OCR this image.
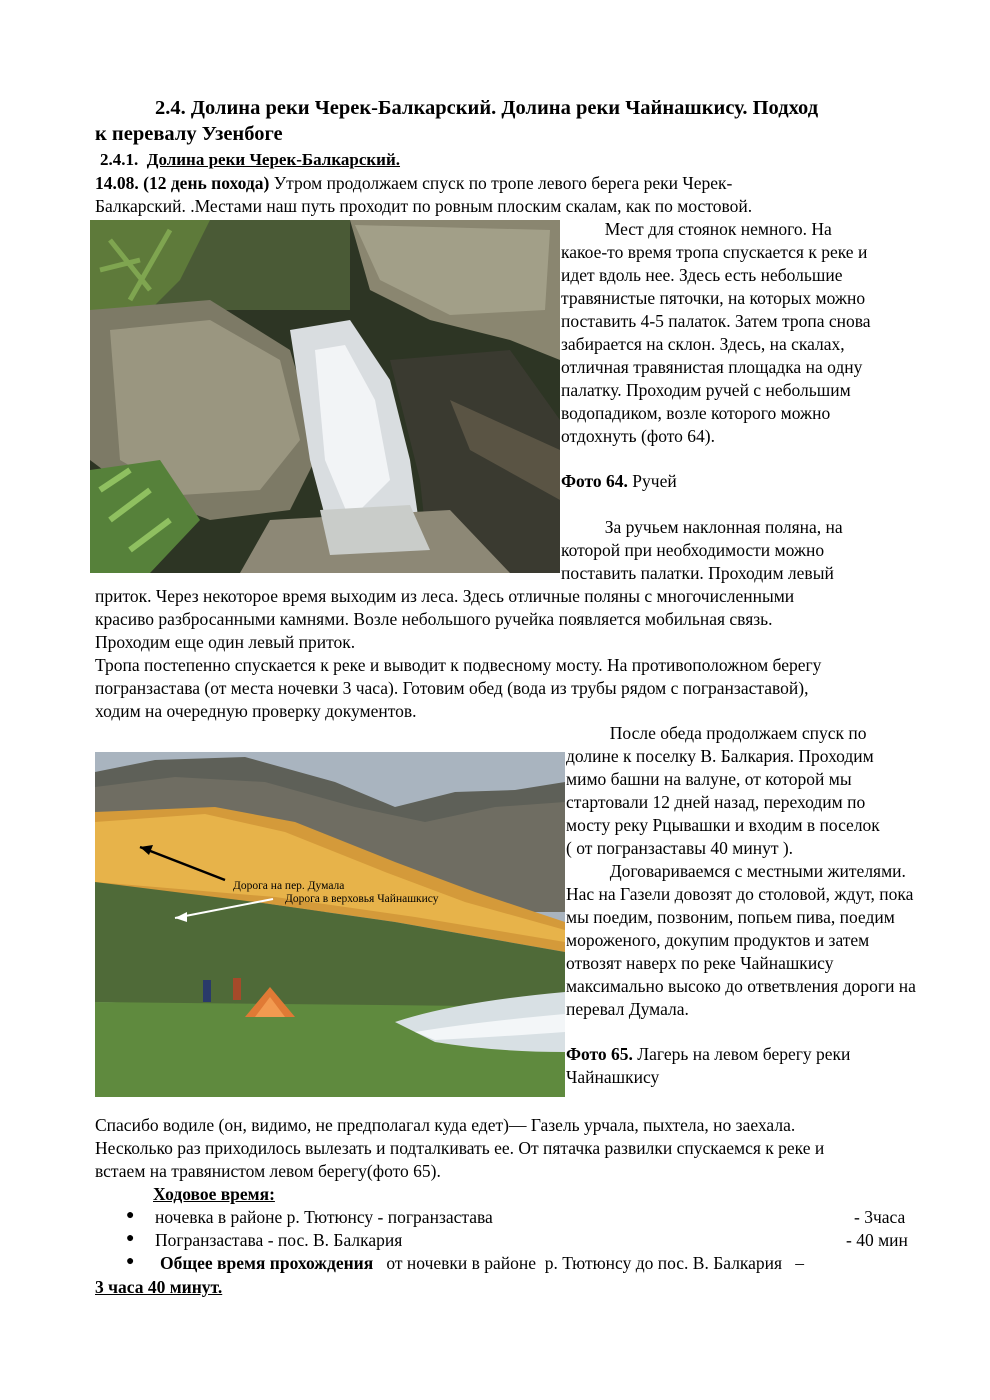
2.4. Долина реки Черек-Балкарский. Долина реки Чайнашкису. Подход
к перевалу Узенбоге
2.4.1. Долина реки Черек-Балкарский.
14.08. (12 день похода) Утром продолжаем спуск по тропе левого берега реки Черек-
Балкарский. .Местами наш путь проходит по ровным плоским скалам, как по мостовой.
Мест для стоянок немного. На
какое-то время тропа спускается к реке и
идет вдоль нее. Здесь есть небольшие
травянистые пяточки, на которых можно
поставить 4-5 палаток. Затем тропа снова
забирается на склон. Здесь, на скалах,
отличная травянистая площадка на одну
палатку. Проходим ручей с небольшим
водопадиком, возле которого можно
отдохнуть (фото 64).
Фото 64. Ручей
За ручьем наклонная поляна, на
которой при необходимости можно
поставить палатки. Проходим левый
приток. Через некоторое время выходим из леса. Здесь отличные поляны с многочисленными
красиво разбросанными камнями. Возле небольшого ручейка появляется мобильная связь.
Проходим еще один левый приток.
Тропа постепенно спускается к реке и выводит к подвесному мосту. На противоположном берегу
погранзастава (от места ночевки 3 часа). Готовим обед (вода из трубы рядом с погранзаставой),
ходим на очередную проверку документов.
Дорога на пер. Думала
Дорога в верховья Чайнашкису
После обеда продолжаем спуск по
долине к поселку В. Балкария. Проходим
мимо башни на валуне, от которой мы
стартовали 12 дней назад, переходим по
мосту реку Рцывашки и входим в поселок
( от погранзаставы 40 минут ).
Договариваемся с местными жителями.
Нас на Газели довозят до столовой, ждут, пока
мы поедим, позвоним, попьем пива, поедим
мороженого, докупим продуктов и затем
отвозят наверх по реке Чайнашкису
максимально высоко до ответвления дороги на
перевал Думала.
Фото 65. Лагерь на левом берегу реки
Чайнашкису
Спасибо водиле (он, видимо, не предполагал куда едет)— Газель урчала, пыхтела, но заехала.
Несколько раз приходилось вылезать и подталкивать ее. От пятачка развилки спускаемся к реке и
встаем на травянистом левом берегу(фото 65).
Ходовое время:
● ночевка в районе р. Тютюнсу - погранзастава	- 3часа
● Погранзастава - пос. В. Балкария	- 40 мин
● Общее время прохождения   от ночевки в районе  р. Тютюнсу до пос. В. Балкария   –
3 часа 40 минут.
